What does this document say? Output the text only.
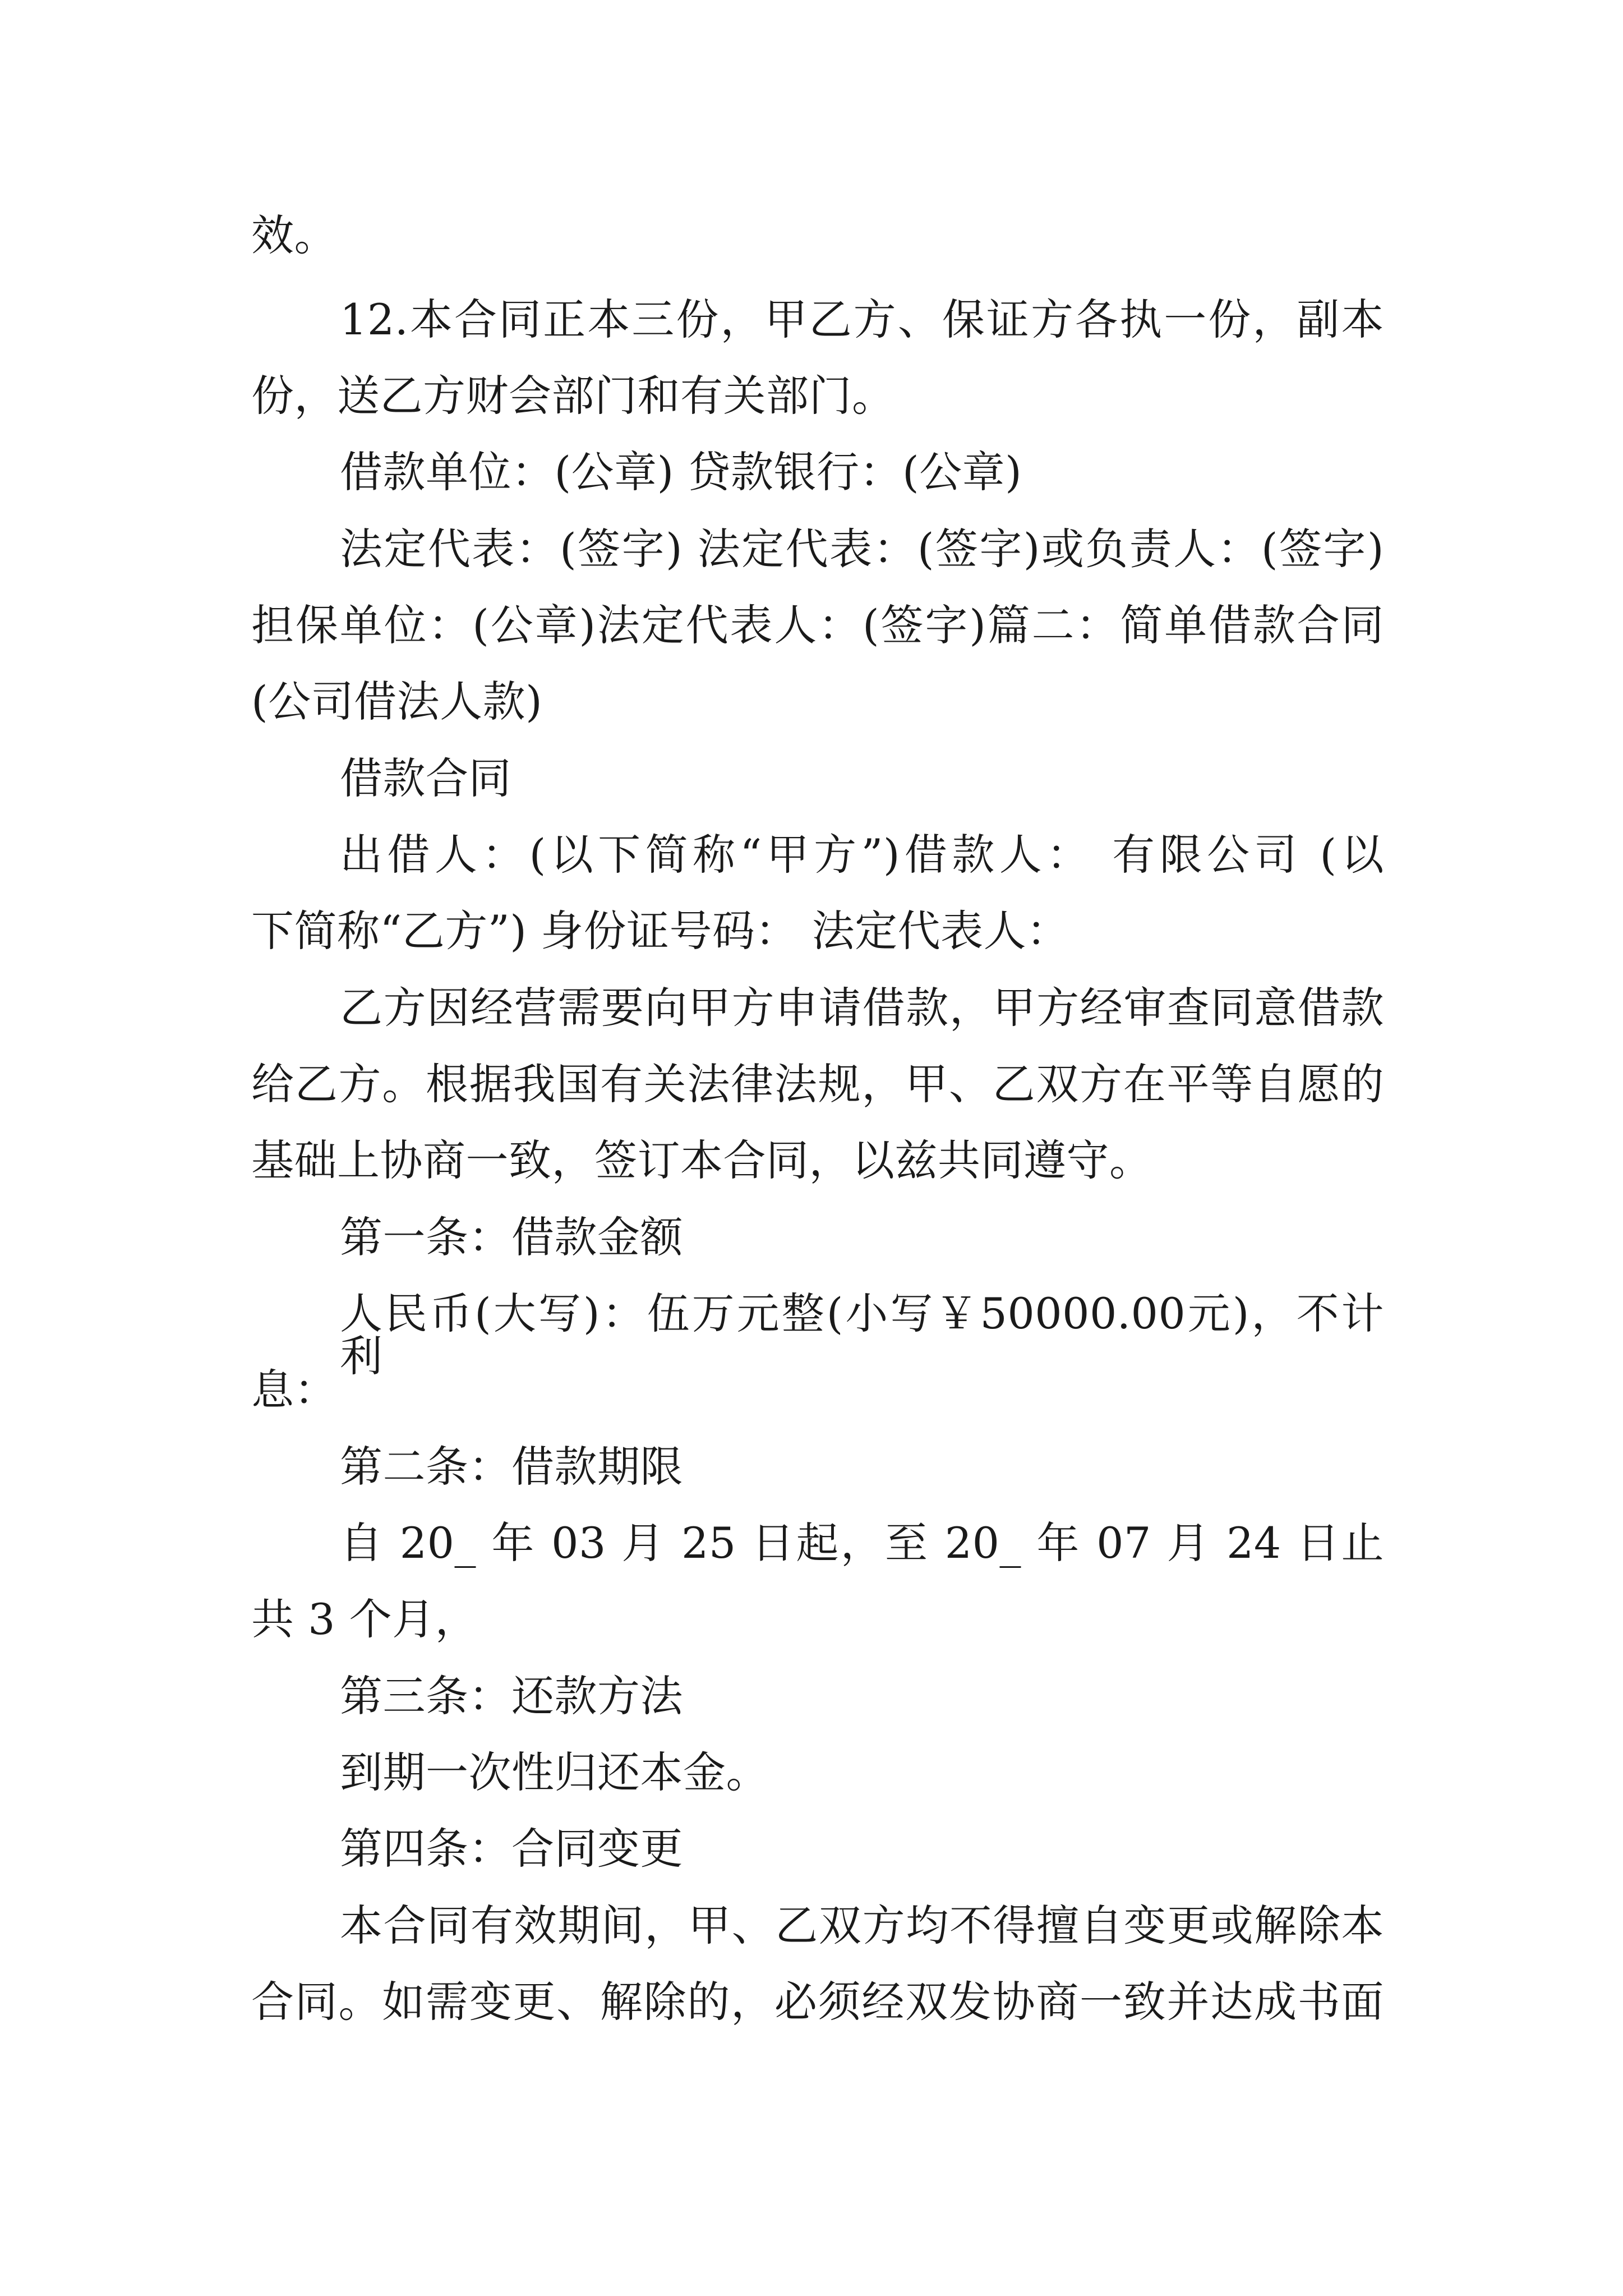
效。
12.本合同正本三份，甲乙方、保证方各执一份，副本
份，送乙方财会部门和有关部门。
借款单位：(公章) 贷款银行：(公章)
法定代表：(签字) 法定代表：(签字)或负责人：(签字)
担保单位：(公章)法定代表人：(签字)篇二：简单借款合同
(公司借法人款)
借款合同
出借人：(以下简称“甲方”)借款人： 有限公司 (以
下简称“乙方”) 身份证号码： 法定代表人：
乙方因经营需要向甲方申请借款，甲方经审查同意借款
给乙方。根据我国有关法律法规，甲、乙双方在平等自愿的
基础上协商一致，签订本合同，以兹共同遵守。
第一条：借款金额
人民币(大写)：伍万元整(小写￥50000.00元)，不计利
息：
第二条：借款期限
自 20_ 年 03 月 25 日起，至 20_ 年 07 月 24 日止
共 3 个月，
第三条：还款方法
到期一次性归还本金。
第四条：合同变更
本合同有效期间，甲、乙双方均不得擅自变更或解除本
合同。如需变更、解除的，必须经双发协商一致并达成书面
